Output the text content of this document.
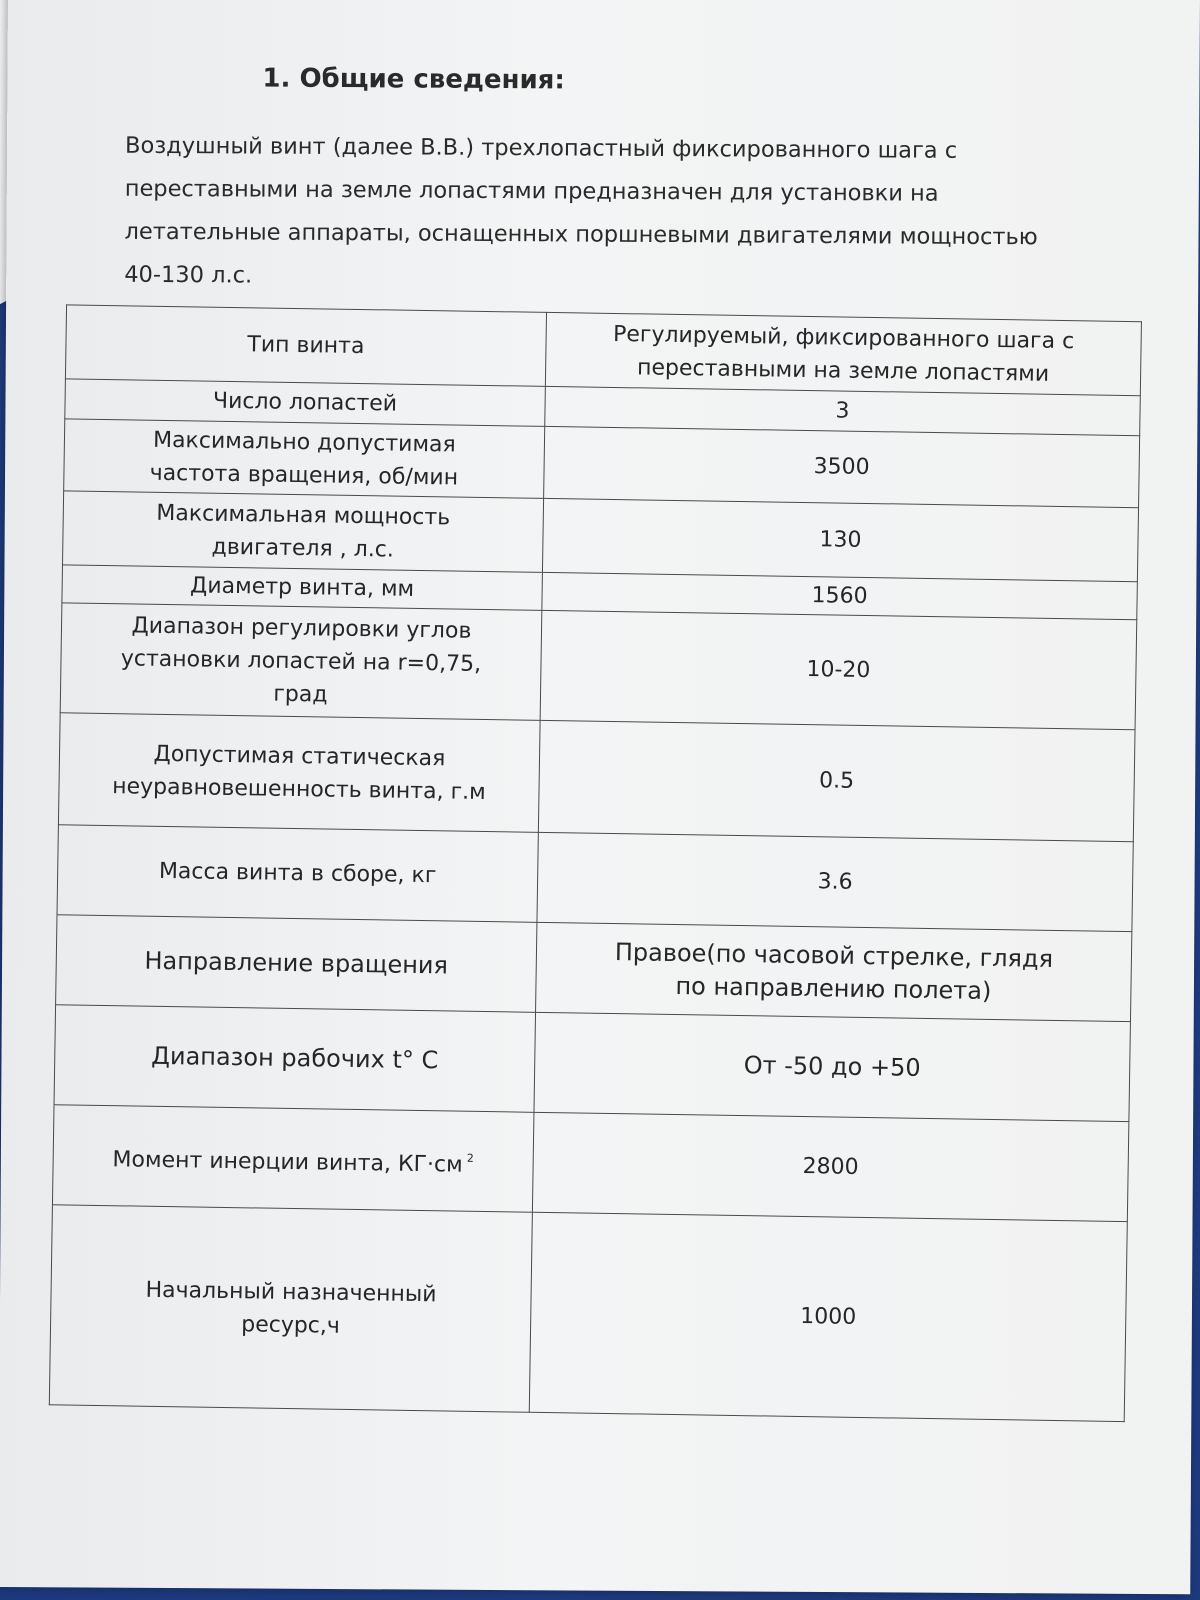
1. Общие сведения:

Воздушный винт (далее В.В.) трехлопастный фиксированного шага с
переставными на земле лопастями предназначен для установки на
летательные аппараты, оснащенных поршневыми двигателями мощностью
40-130 л.с.

Тип винта	Регулируемый, фиксированного шага с
переставными на земле лопастями
Число лопастей	3
Максимально допустимая
частота вращения, об/мин	3500
Максимальная мощность
двигателя , л.с.	130
Диаметр винта, мм	1560
Диапазон регулировки углов
установки лопастей на r=0,75,
град	10-20
Допустимая статическая
неуравновешенность винта, г.м	0.5
Масса винта в сборе, кг	3.6
Направление вращения	Правое(по часовой стрелке, глядя
по направлению полета)
Диапазон рабочих t° C	От -50 до +50
Момент инерции винта, КГ·см $^2$	2800
Начальный назначенный
ресурс,ч	1000
